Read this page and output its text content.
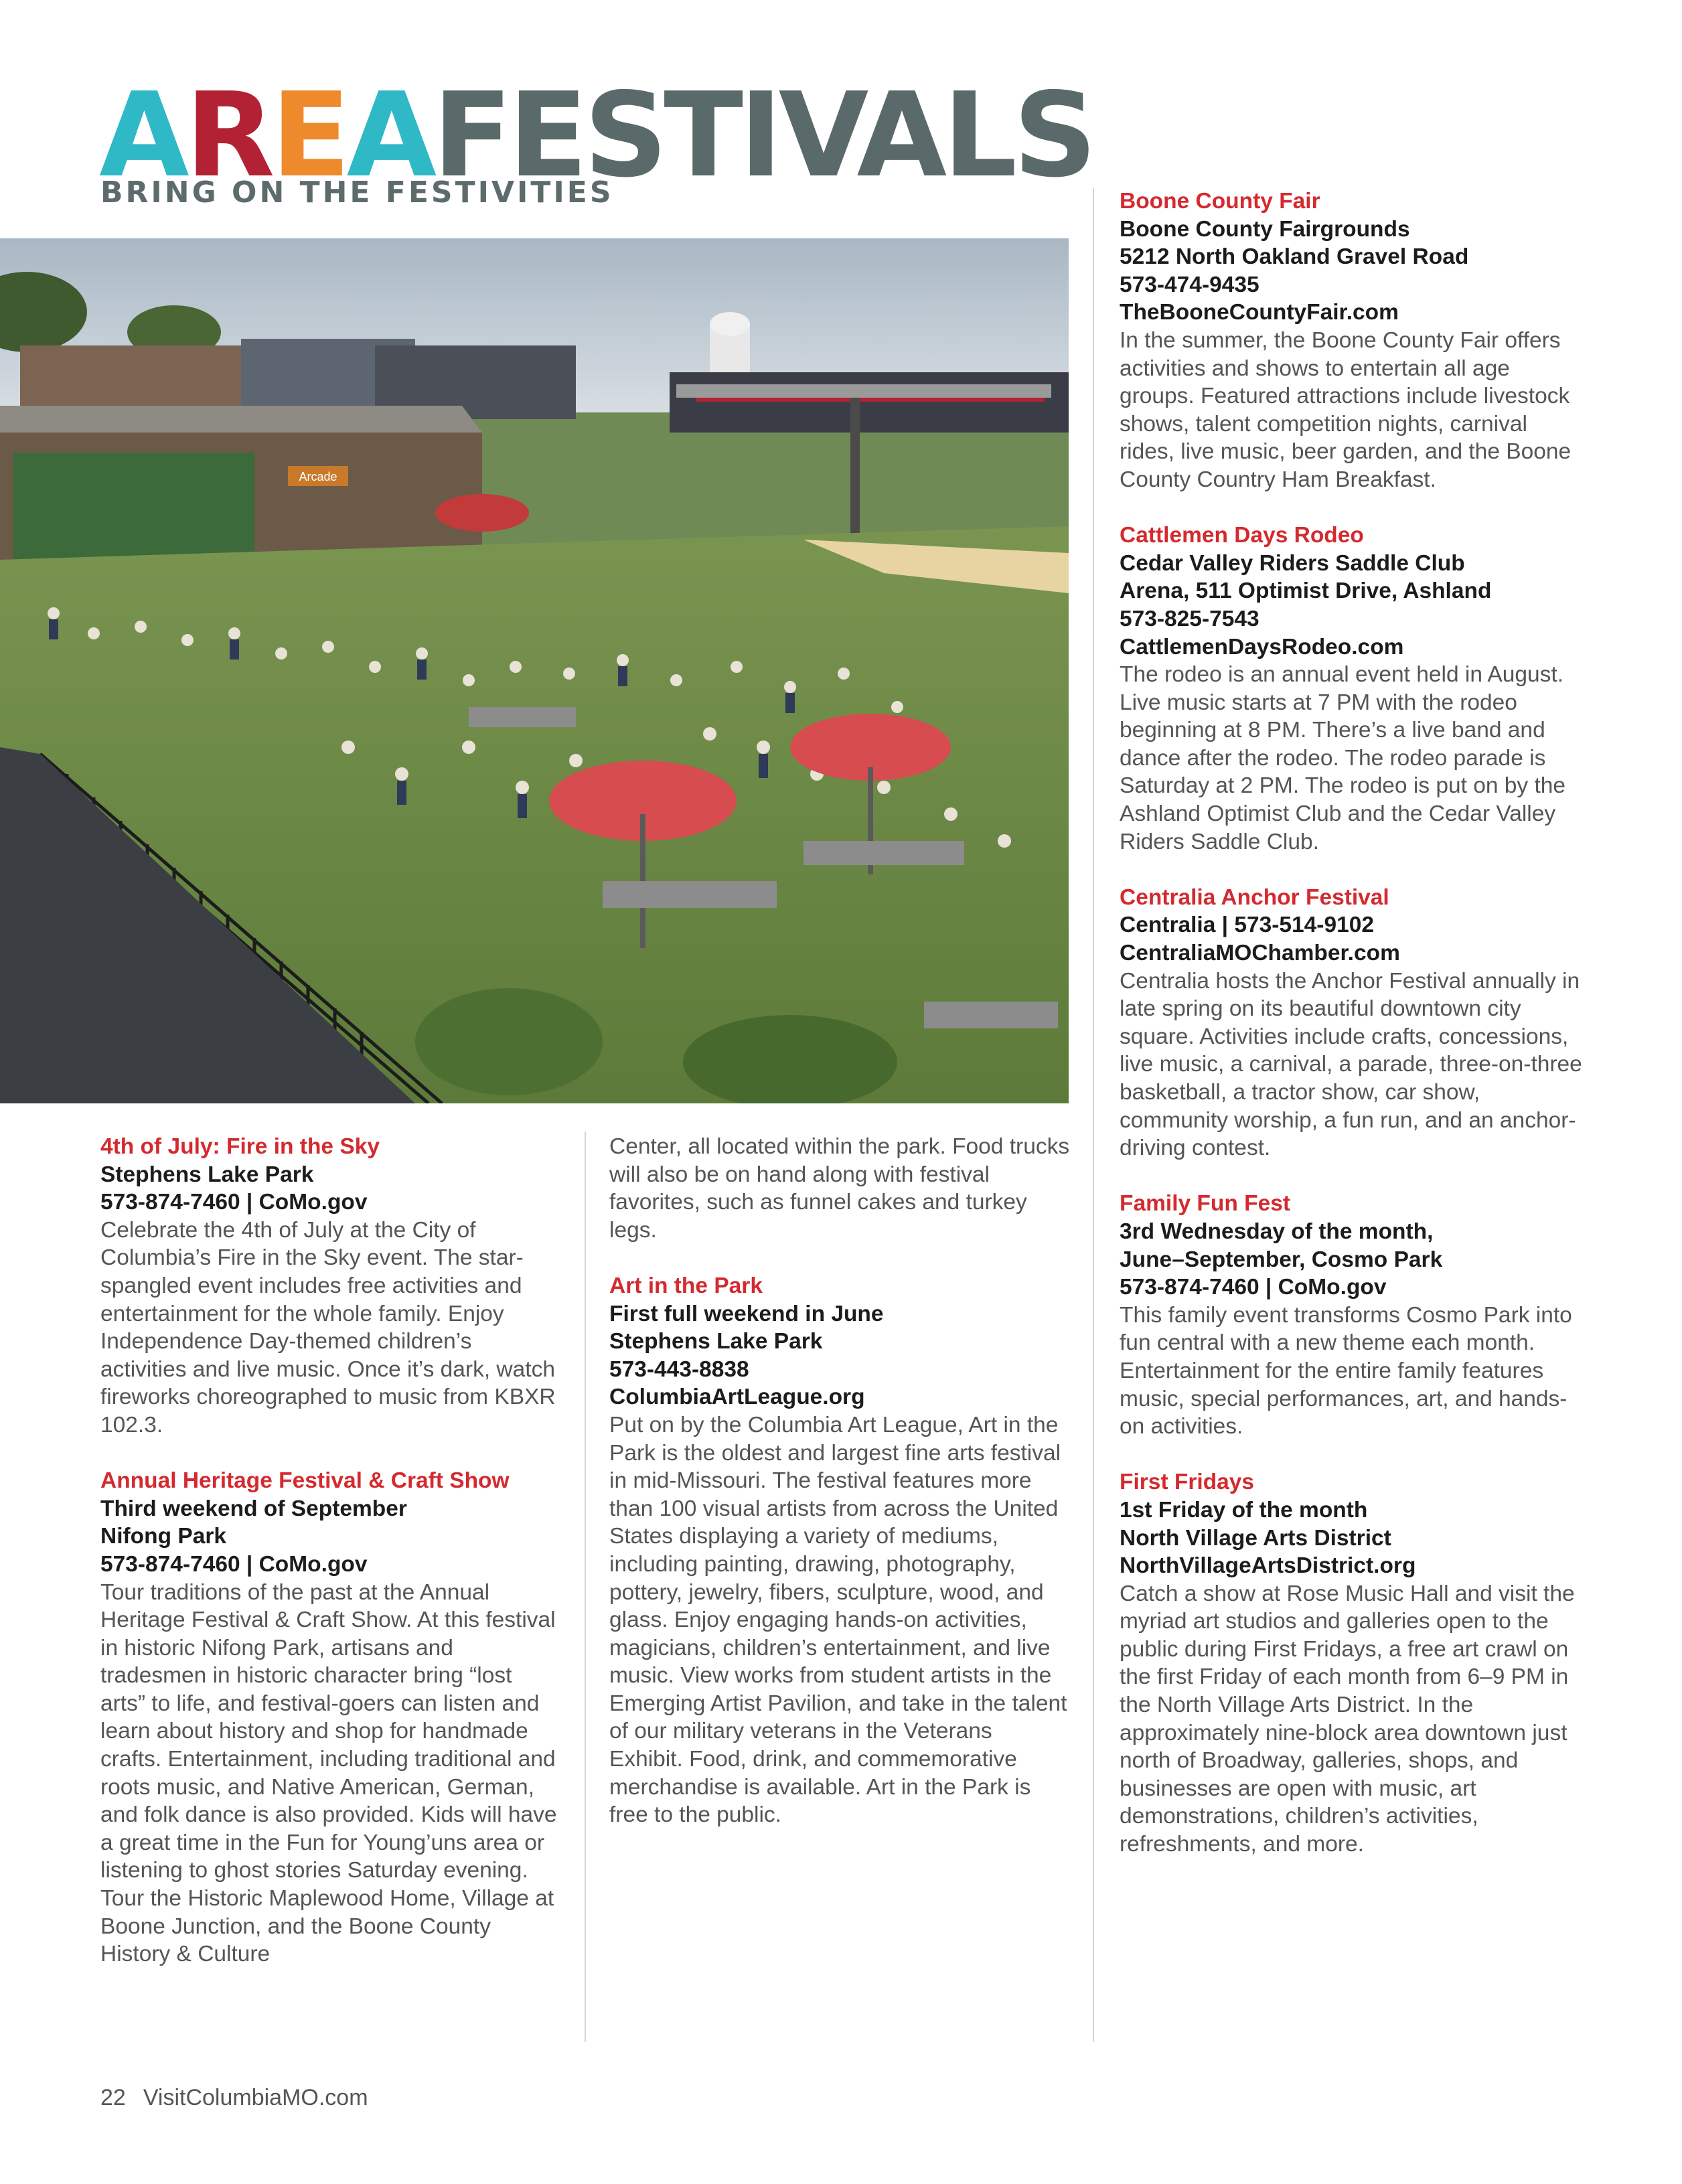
AREAFESTIVALS
BRING ON THE FESTIVITIES
Arcade
4th of July: Fire in the Sky
Stephens Lake Park
573-874-7460 | CoMo.gov
Celebrate the 4th of July at the City of Columbia’s Fire in the Sky event. The star-spangled event includes free activities and entertainment for the whole family. Enjoy Independence Day-themed children’s activities and live music. Once it’s dark, watch fireworks choreographed to music from KBXR 102.3.
Annual Heritage Festival & Craft Show
Third weekend of September
Nifong Park
573-874-7460 | CoMo.gov
Tour traditions of the past at the Annual Heritage Festival & Craft Show. At this festival in historic Nifong Park, artisans and tradesmen in historic character bring “lost arts” to life, and festival-goers can listen and learn about history and shop for handmade crafts. Entertainment, including traditional and roots music, and Native American, German, and folk dance is also provided. Kids will have a great time in the Fun for Young’uns area or listening to ghost stories Saturday evening. Tour the Historic Maplewood Home, Village at Boone Junction, and the Boone County History & Culture
Center, all located within the park. Food trucks will also be on hand along with festival favorites, such as funnel cakes and turkey legs.
Art in the Park
First full weekend in June
Stephens Lake Park
573-443-8838
ColumbiaArtLeague.org
Put on by the Columbia Art League, Art in the Park is the oldest and largest fine arts festival in mid-Missouri. The festival features more than 100 visual artists from across the United States displaying a variety of mediums, including painting, drawing, photography, pottery, jewelry, fibers, sculpture, wood, and glass. Enjoy engaging hands-on activities, magicians, children’s entertainment, and live music. View works from student artists in the Emerging Artist Pavilion, and take in the talent of our military veterans in the Veterans Exhibit. Food, drink, and commemorative merchandise is available. Art in the Park is free to the public.
Boone County Fair
Boone County Fairgrounds
5212 North Oakland Gravel Road
573-474-9435
TheBooneCountyFair.com
In the summer, the Boone County Fair offers activities and shows to entertain all age groups. Featured attractions include livestock shows, talent competition nights, carnival rides, live music, beer garden, and the Boone County Country Ham Breakfast.
Cattlemen Days Rodeo
Cedar Valley Riders Saddle Club
Arena, 511 Optimist Drive, Ashland
573-825-7543
CattlemenDaysRodeo.com
The rodeo is an annual event held in August. Live music starts at 7 PM with the rodeo beginning at 8 PM. There’s a live band and dance after the rodeo. The rodeo parade is Saturday at 2 PM. The rodeo is put on by the Ashland Optimist Club and the Cedar Valley Riders Saddle Club.
Centralia Anchor Festival
Centralia | 573-514-9102
CentraliaMOChamber.com
Centralia hosts the Anchor Festival annually in late spring on its beautiful downtown city square. Activities include crafts, concessions, live music, a carnival, a parade, three-on-three basketball, a tractor show, car show, community worship, a fun run, and an anchor-driving contest.
Family Fun Fest
3rd Wednesday of the month,
June–September, Cosmo Park
573-874-7460 | CoMo.gov
This family event transforms Cosmo Park into fun central with a new theme each month. Entertainment for the entire family features music, special performances, art, and hands-on activities.
First Fridays
1st Friday of the month
North Village Arts District
NorthVillageArtsDistrict.org
Catch a show at Rose Music Hall and visit the myriad art studios and galleries open to the public during First Fridays, a free art crawl on the first Friday of each month from 6–9 PM in the North Village Arts District. In the approximately nine-block area downtown just north of Broadway, galleries, shops, and businesses are open with music, art demonstrations, children’s activities, refreshments, and more.
22 VisitColumbiaMO.com
